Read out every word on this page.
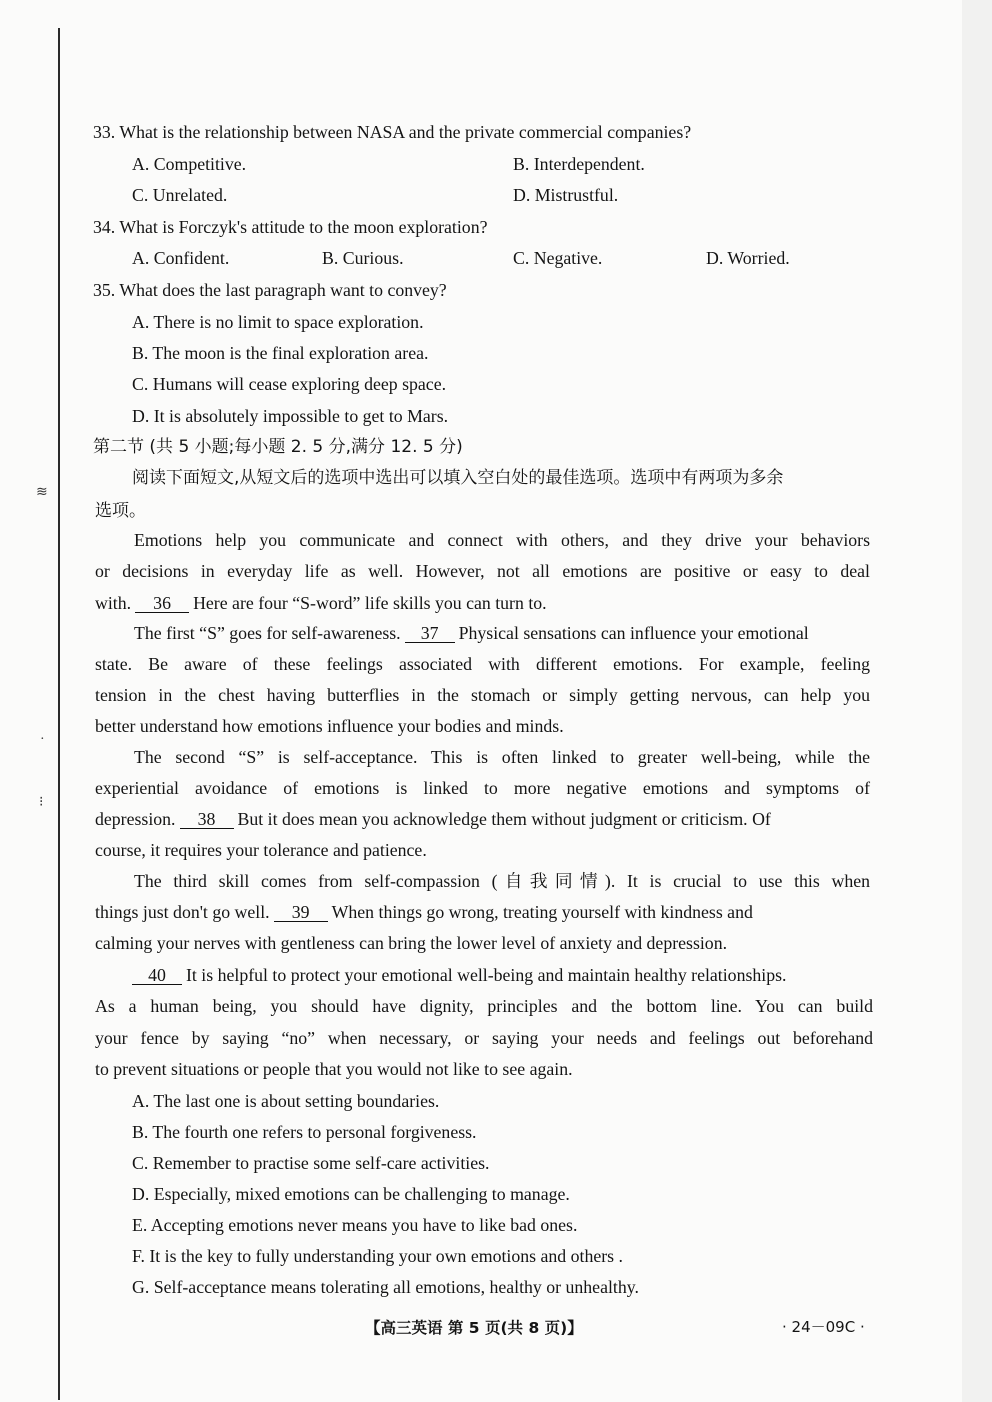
≋
·
⁝
33. What is the relationship between NASA and the private commercial companies?
A. Competitive.	B. Interdependent.
C. Unrelated.	D. Mistrustful.
34. What is Forczyk's attitude to the moon exploration?
A. Confident.	B. Curious.	C. Negative.	D. Worried.
35. What does the last paragraph want to convey?
A. There is no limit to space exploration.
B. The moon is the final exploration area.
C. Humans will cease exploring deep space.
D. It is absolutely impossible to get to Mars.
第二节 (共 5 小题;每小题 2. 5 分,满分 12. 5 分)
阅读下面短文,从短文后的选项中选出可以填入空白处的最佳选项。选项中有两项为多余
选项。
Emotions help you communicate and connect with others, and they drive your behaviors
or decisions in everyday life as well. However, not all emotions are positive or easy to deal
with. 36 Here are four “S-word” life skills you can turn to.
The first “S” goes for self-awareness. 37 Physical sensations can influence your emotional
state. Be aware of these feelings associated with different emotions. For example, feeling
tension in the chest having butterflies in the stomach or simply getting nervous, can help you
better understand how emotions influence your bodies and minds.
The second “S” is self-acceptance. This is often linked to greater well-being, while the
experiential avoidance of emotions is linked to more negative emotions and symptoms of
depression. 38 But it does mean you acknowledge them without judgment or criticism. Of
course, it requires your tolerance and patience.
The third skill comes from self-compassion (自我同情). It is crucial to use this when
things just don't go well. 39 When things go wrong, treating yourself with kindness and
calming your nerves with gentleness can bring the lower level of anxiety and depression.
40 It is helpful to protect your emotional well-being and maintain healthy relationships.
As a human being, you should have dignity, principles and the bottom line. You can build
your fence by saying “no” when necessary, or saying your needs and feelings out beforehand
to prevent situations or people that you would not like to see again.
A. The last one is about setting boundaries.
B. The fourth one refers to personal forgiveness.
C. Remember to practise some self-care activities.
D. Especially, mixed emotions can be challenging to manage.
E. Accepting emotions never means you have to like bad ones.
F. It is the key to fully understanding your own emotions and others .
G. Self-acceptance means tolerating all emotions, healthy or unhealthy.
【高三英语 第 5 页(共 8 页)】	· 24－09C ·
